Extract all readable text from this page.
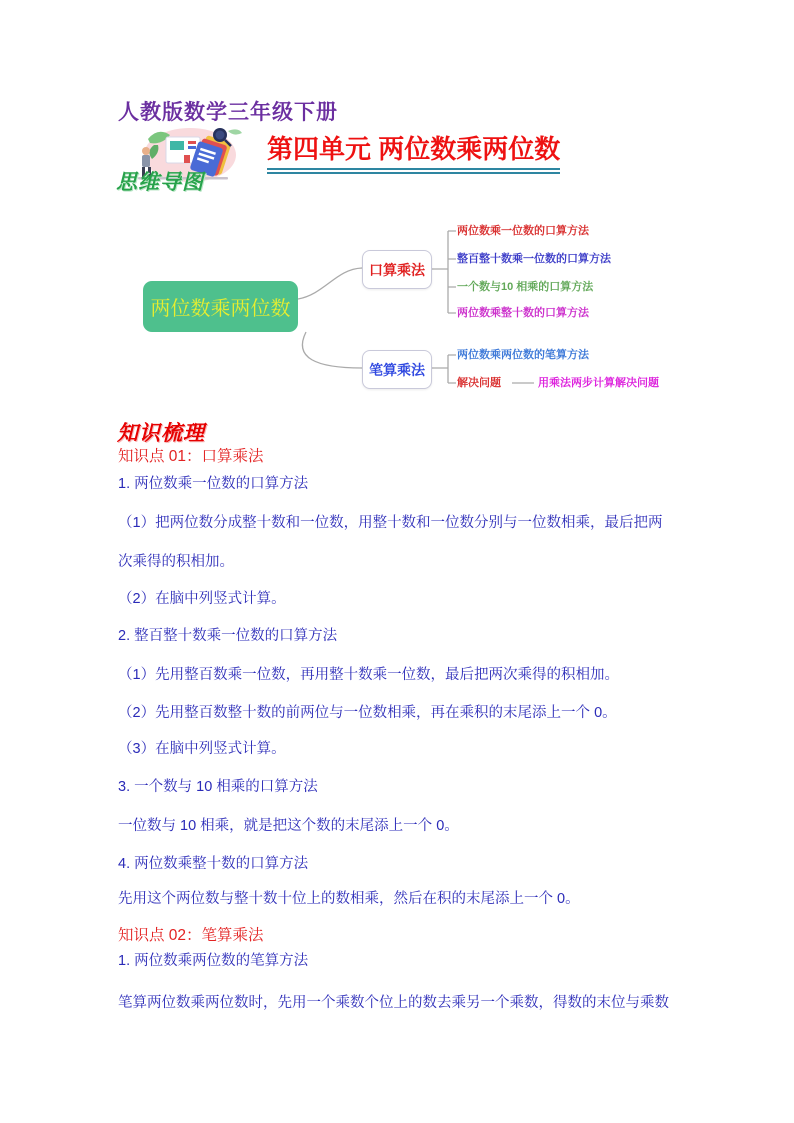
人教版数学三年级下册
第四单元 两位数乘两位数
思维导图
两位数乘两位数
口算乘法
笔算乘法
两位数乘一位数的口算方法
整百整十数乘一位数的口算方法
一个数与10 相乘的口算方法
两位数乘整十数的口算方法
两位数乘两位数的笔算方法
解决问题	用乘法两步计算解决问题
知识梳理
知识点 01：口算乘法
1. 两位数乘一位数的口算方法
（1）把两位数分成整十数和一位数，用整十数和一位数分别与一位数相乘，最后把两
次乘得的积相加。
（2）在脑中列竖式计算。
2. 整百整十数乘一位数的口算方法
（1）先用整百数乘一位数，再用整十数乘一位数，最后把两次乘得的积相加。
（2）先用整百数整十数的前两位与一位数相乘，再在乘积的末尾添上一个 0。
（3）在脑中列竖式计算。
3. 一个数与 10 相乘的口算方法
一位数与 10 相乘，就是把这个数的末尾添上一个 0。
4. 两位数乘整十数的口算方法
先用这个两位数与整十数十位上的数相乘，然后在积的末尾添上一个 0。
知识点 02：笔算乘法
1. 两位数乘两位数的笔算方法
笔算两位数乘两位数时，先用一个乘数个位上的数去乘另一个乘数，得数的末位与乘数
